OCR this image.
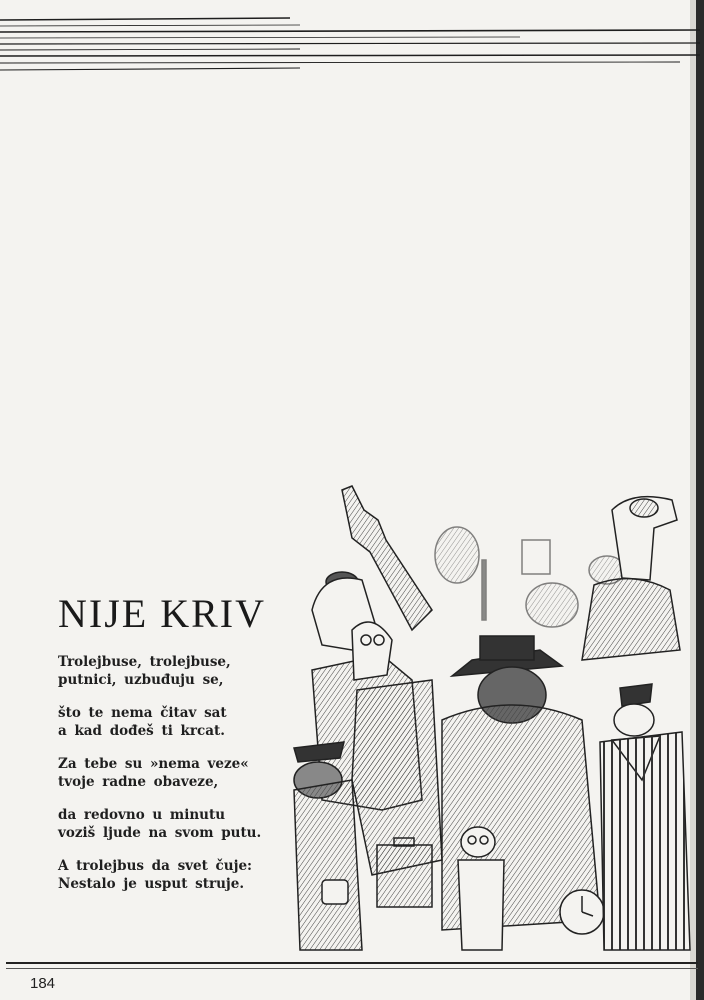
NIJE KRIV

Trolejbuse, trolejbuse,
putnici, uzbuđuju se,

što te nema čitav sat
a kad dođeš ti krcat.

Za tebe su »nema veze«
tvoje radne obaveze,

da redovno u minutu
voziš ljude na svom putu.

A trolejbus da svet čuje:
Nestalo je usput struje.

184
